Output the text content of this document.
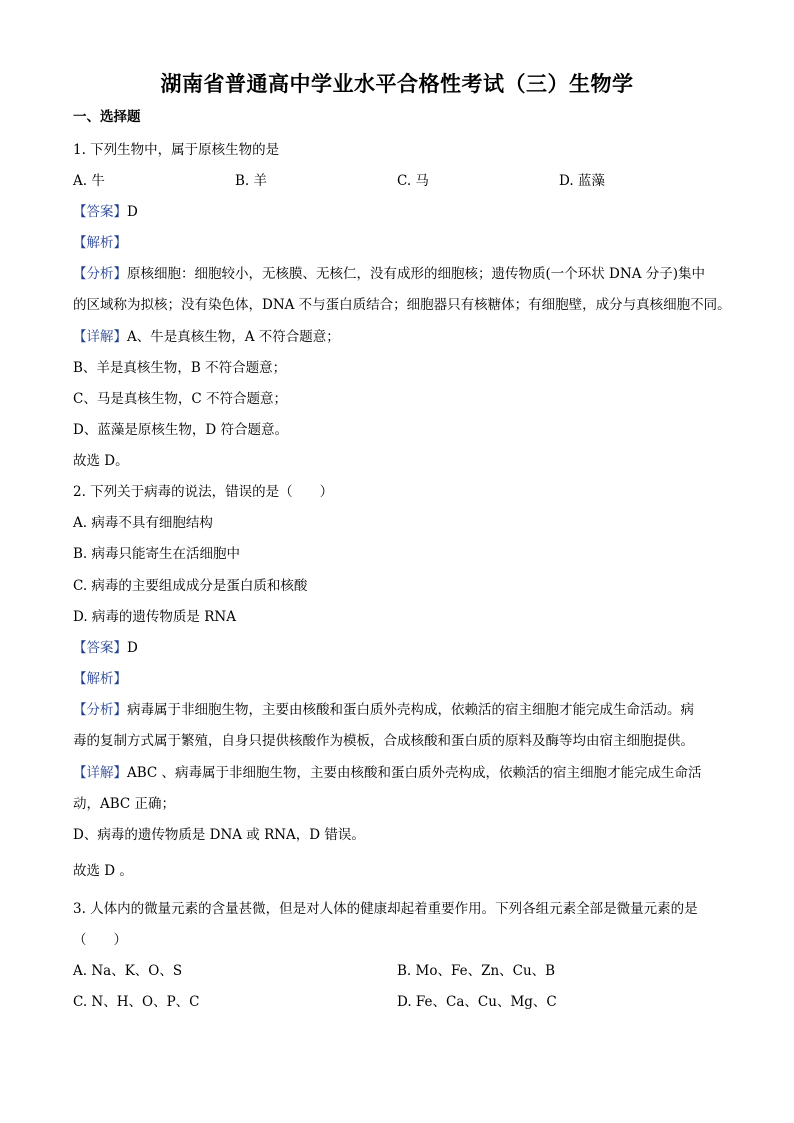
湖南省普通高中学业水平合格性考试（三）生物学
一、选择题
1. 下列生物中，属于原核生物的是
A. 牛	B. 羊	C. 马	D. 蓝藻
【答案】D
【解析】
【分析】原核细胞：细胞较小，无核膜、无核仁，没有成形的细胞核；遗传物质(一个环状 DNA 分子)集中
的区域称为拟核；没有染色体，DNA 不与蛋白质结合；细胞器只有核糖体；有细胞壁，成分与真核细胞不同。
【详解】A、牛是真核生物，A 不符合题意；
B、羊是真核生物，B 不符合题意；
C、马是真核生物，C 不符合题意；
D、蓝藻是原核生物，D 符合题意。
故选 D。
2. 下列关于病毒的说法，错误的是（　　）
A. 病毒不具有细胞结构
B. 病毒只能寄生在活细胞中
C. 病毒的主要组成成分是蛋白质和核酸
D. 病毒的遗传物质是 RNA
【答案】D
【解析】
【分析】病毒属于非细胞生物，主要由核酸和蛋白质外壳构成，依赖活的宿主细胞才能完成生命活动。病
毒的复制方式属于繁殖，自身只提供核酸作为模板，合成核酸和蛋白质的原料及酶等均由宿主细胞提供。
【详解】ABC 、病毒属于非细胞生物，主要由核酸和蛋白质外壳构成，依赖活的宿主细胞才能完成生命活
动，ABC 正确；
D、病毒的遗传物质是 DNA 或 RNA，D 错误。
故选 D 。
3. 人体内的微量元素的含量甚微，但是对人体的健康却起着重要作用。下列各组元素全部是微量元素的是
（　　）
A. Na、K、O、S	B. Mo、Fe、Zn、Cu、B
C. N、H、O、P、C	D. Fe、Ca、Cu、Mg、C
